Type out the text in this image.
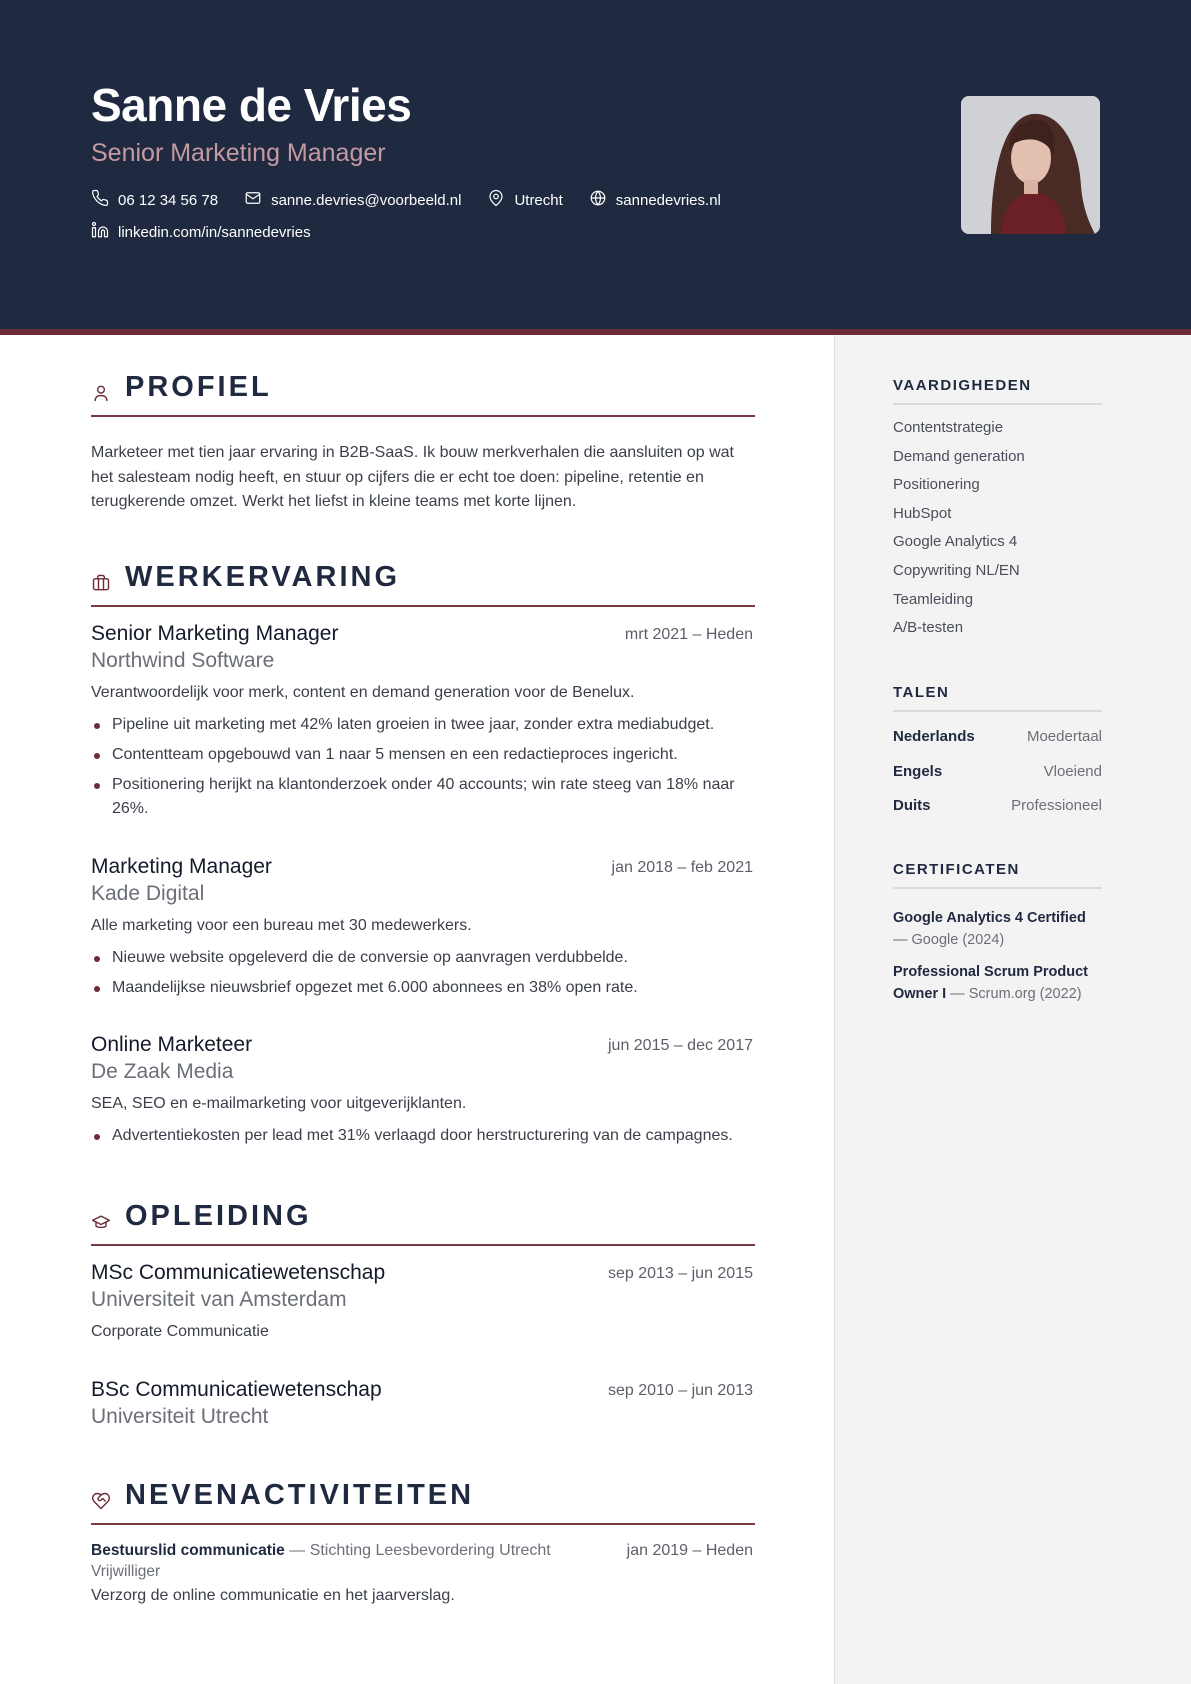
Sanne de Vries
Senior Marketing Manager
06 12 34 56 78	sanne.devries@voorbeeld.nl	Utrecht	sannedevries.nl
linkedin.com/in/sannedevries
VAARDIGHEDEN
Contentstrategie
Demand generation
Positionering
HubSpot
Google Analytics 4
Copywriting NL/EN
Teamleiding
A/B-testen
TALEN
Nederlands	Moedertaal
Engels	Vloeiend
Duits	Professioneel
CERTIFICATEN
Google Analytics 4 Certified — Google (2024)
Professional Scrum Product Owner I — Scrum.org (2022)
PROFIEL
Marketeer met tien jaar ervaring in B2B-SaaS. Ik bouw merkverhalen die aansluiten op wat het salesteam nodig heeft, en stuur op cijfers die er echt toe doen: pipeline, retentie en terugkerende omzet. Werkt het liefst in kleine teams met korte lijnen.
WERKERVARING
Senior Marketing Manager	mrt 2021 – Heden
Northwind Software
Verantwoordelijk voor merk, content en demand generation voor de Benelux.
Pipeline uit marketing met 42% laten groeien in twee jaar, zonder extra mediabudget.
Contentteam opgebouwd van 1 naar 5 mensen en een redactieproces ingericht.
Positionering herijkt na klantonderzoek onder 40 accounts; win rate steeg van 18% naar 26%.
Marketing Manager	jan 2018 – feb 2021
Kade Digital
Alle marketing voor een bureau met 30 medewerkers.
Nieuwe website opgeleverd die de conversie op aanvragen verdubbelde.
Maandelijkse nieuwsbrief opgezet met 6.000 abonnees en 38% open rate.
Online Marketeer	jun 2015 – dec 2017
De Zaak Media
SEA, SEO en e-mailmarketing voor uitgeverijklanten.
Advertentiekosten per lead met 31% verlaagd door herstructurering van de campagnes.
OPLEIDING
MSc Communicatiewetenschap	sep 2013 – jun 2015
Universiteit van Amsterdam
Corporate Communicatie
BSc Communicatiewetenschap	sep 2010 – jun 2013
Universiteit Utrecht
NEVENACTIVITEITEN
Bestuurslid communicatie — Stichting Leesbevordering Utrecht	jan 2019 – Heden
Vrijwilliger
Verzorg de online communicatie en het jaarverslag.
